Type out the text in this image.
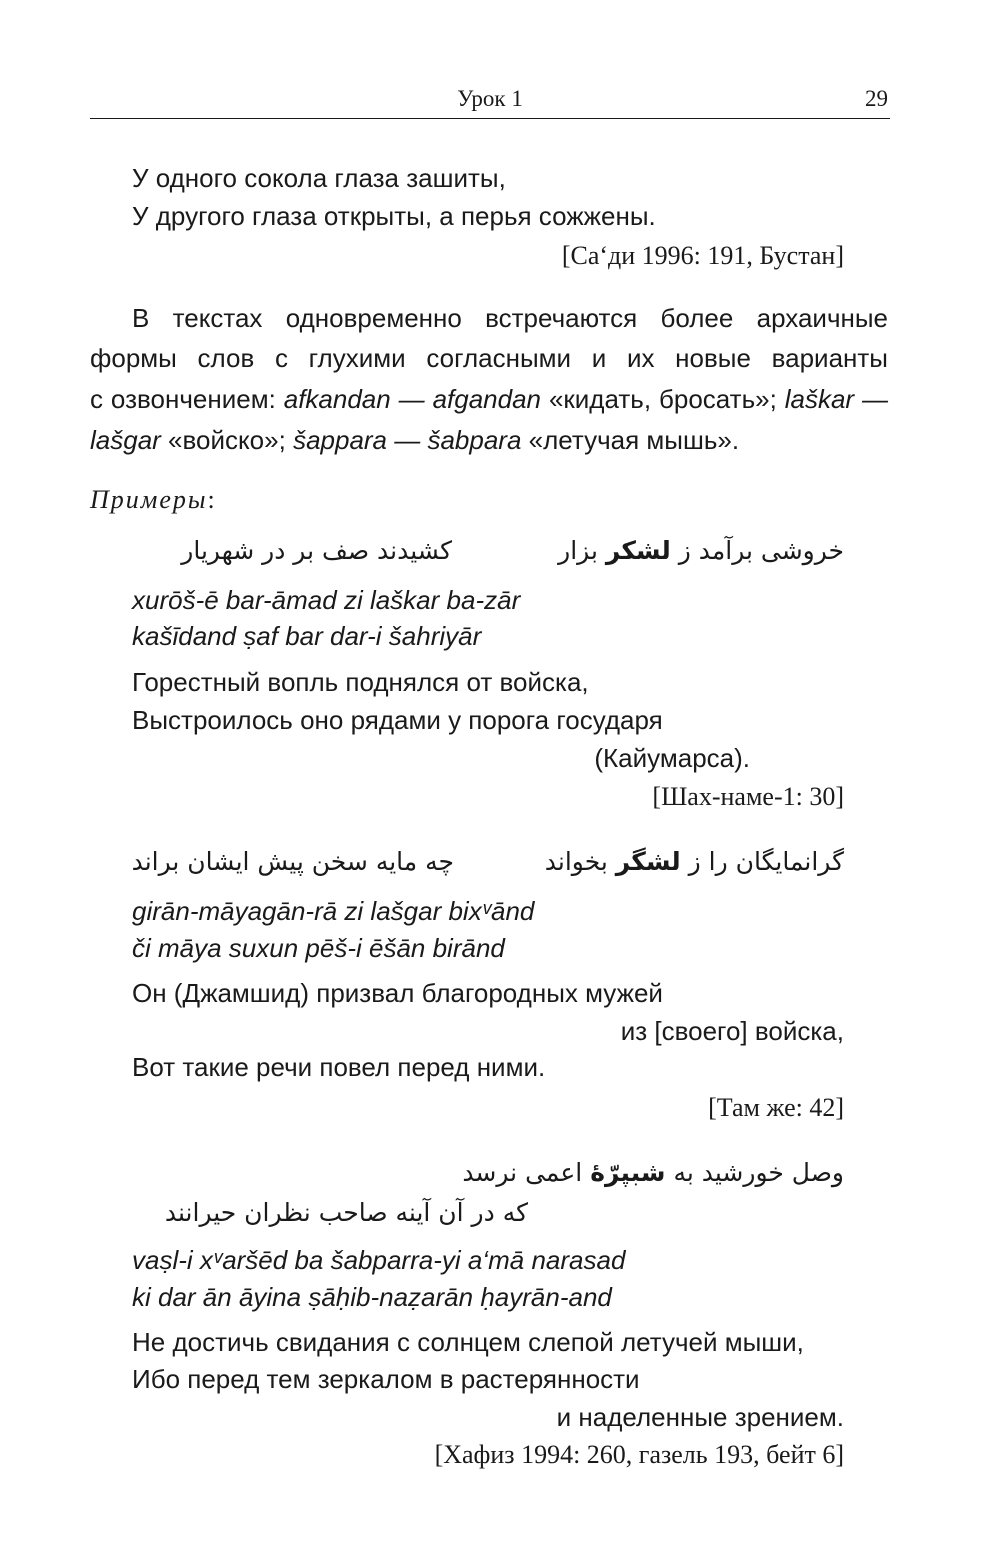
Урок 1	29
У одного сокола глаза зашиты,
У другого глаза открыты, а перья сожжены.
[Са‘ди 1996: 191, Бустан]
В текстах одновременно встречаются более архаичные
формы слов с глухими согласными и их новые варианты
с озвончением: afkandan — afgandan «кидать, бросать»; laškar —
lašgar «войско»; šappara — šabpara «летучая мышь».
Примеры:
خروشی برآمد ز لشکر بزار
کشیدند صف بر در شهریار
xurōš-ē bar-āmad zi laškar ba-zār
kašīdand ṣaf bar dar-i šahriyār
Горестный вопль поднялся от войска,
Выстроилось оно рядами у порога государя
(Кайумарса).
[Шах-наме-1: 30]
گرانمایگان را ز لشگر بخواند
چه مایه سخن پیش ایشان براند
girān-māyagān-rā zi lašgar bixᵛānd
či māya suxun pēš-i ēšān birānd
Он (Джамшид) призвал благородных мужей
из [своего] войска,
Вот такие речи повел перед ними.
[Там же: 42]
وصل خورشید به شبپرّهٔ اعمی نرسد
که در آن آینه صاحب نظران حیرانند
vaṣl-i xᵛaršēd ba šabparra-yi a‘mā narasad
ki dar ān āyina ṣāḥib-naẓarān ḥayrān-and
Не достичь свидания с солнцем слепой летучей мыши,
Ибо перед тем зеркалом в растерянности
и наделенные зрением.
[Хафиз 1994: 260, газель 193, бейт 6]
